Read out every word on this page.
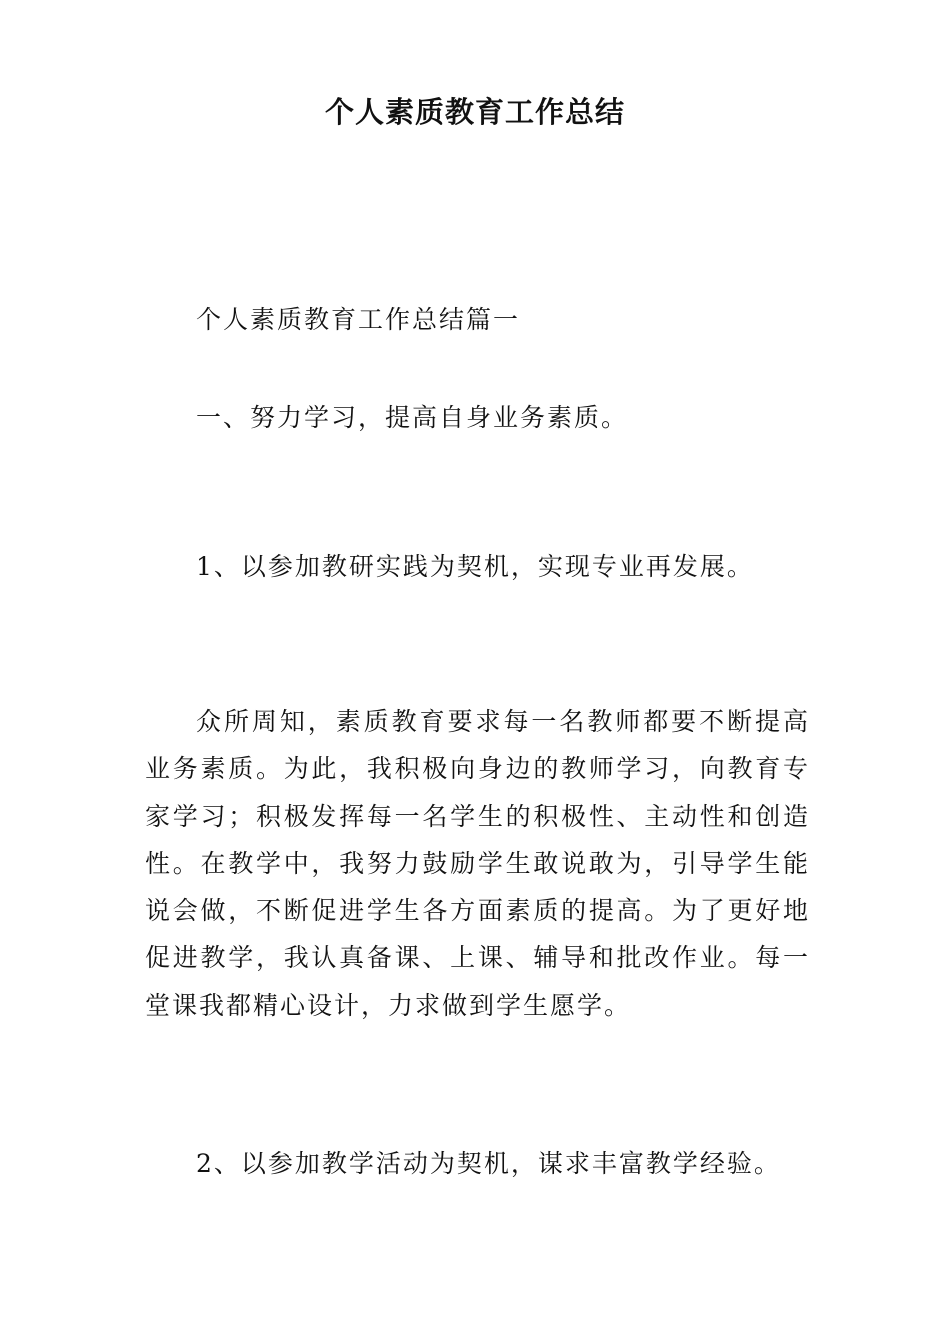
个人素质教育工作总结
个人素质教育工作总结篇一
一、努力学习，提高自身业务素质。
1、以参加教研实践为契机，实现专业再发展。

众所周知，素质教育要求每一名教师都要不断提高业务素质。为此，我积极向身边的教师学习，向教育专家学习；积极发挥每一名学生的积极性、主动性和创造性。在教学中，我努力鼓励学生敢说敢为，引导学生能说会做，不断促进学生各方面素质的提高。为了更好地促进教学，我认真备课、上课、辅导和批改作业。每一堂课我都精心设计，力求做到学生愿学。

2、以参加教学活动为契机，谋求丰富教学经验。
